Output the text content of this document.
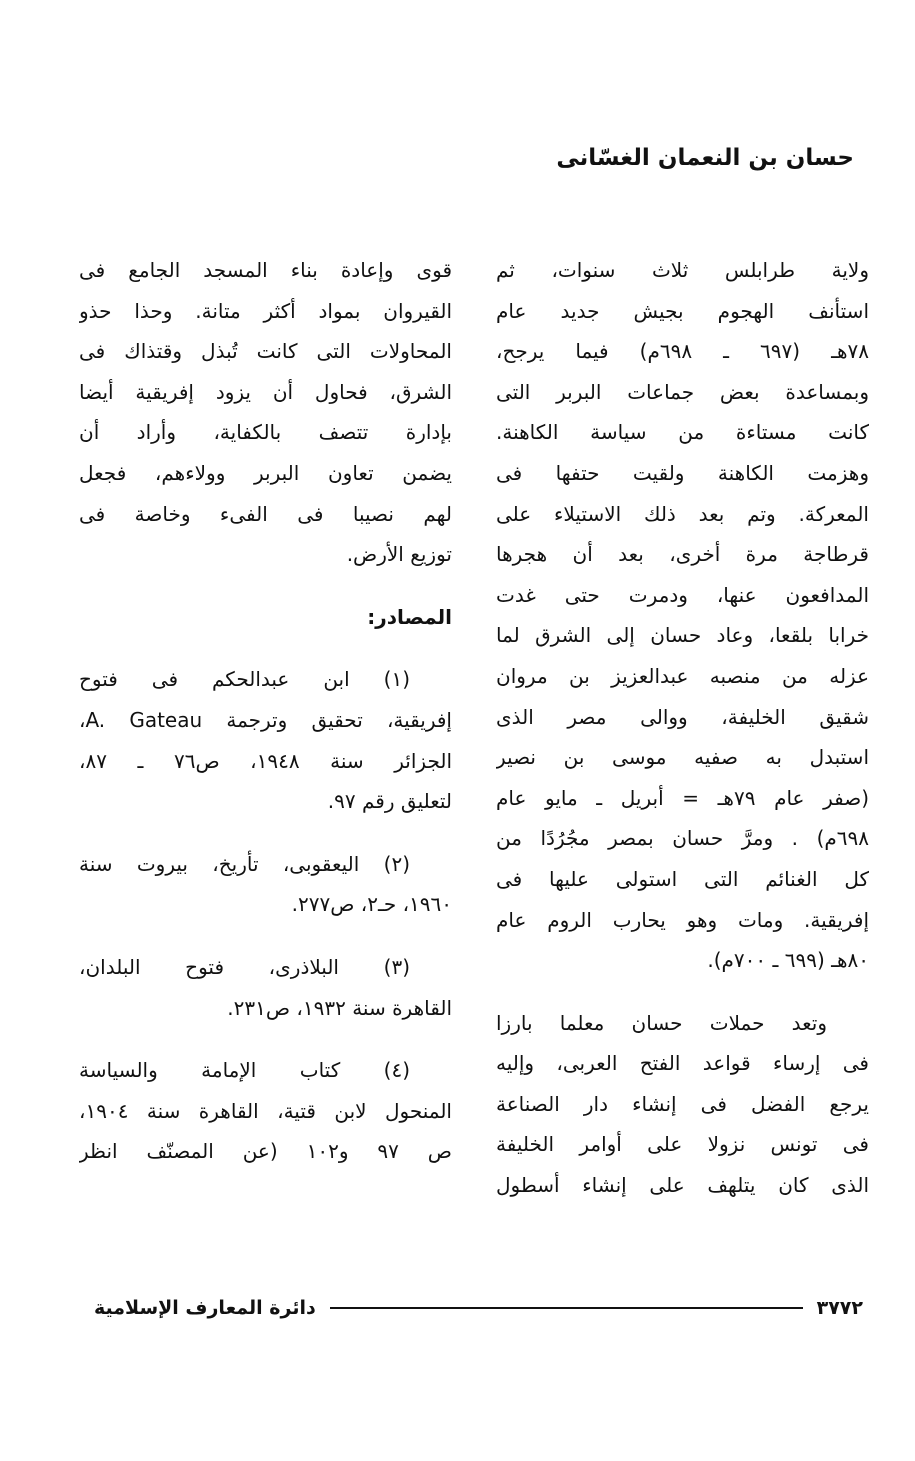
حسان بن النعمان الغسّانى
ولاية طرابلس ثلاث سنوات، ثم
استأنف الهجوم بجيش جديد عام
٧٨هـ (٦٩٧ ـ ٦٩٨م) فيما يرجح،
وبمساعدة بعض جماعات البربر التى
كانت مستاءة من سياسة الكاهنة.
وهزمت الكاهنة ولقيت حتفها فى
المعركة. وتم بعد ذلك الاستيلاء على
قرطاجة مرة أخرى، بعد أن هجرها
المدافعون عنها، ودمرت حتى غدت
خرابا بلقعا، وعاد حسان إلى الشرق لما
عزله من منصبه عبدالعزيز بن مروان
شقيق الخليفة، ووالى مصر الذى
استبدل به صفيه موسى بن نصير
(صفر عام ٧٩هـ = أبريل ـ مايو عام
٦٩٨م) . ومرَّ حسان بمصر مجُرُدًا من
كل الغنائم التى استولى عليها فى
إفريقية. ومات وهو يحارب الروم عام
٨٠هـ (٦٩٩ ـ ٧٠٠م).
وتعد حملات حسان معلما بارزا
فى إرساء قواعد الفتح العربى، وإليه
يرجع الفضل فى إنشاء دار الصناعة
فى تونس نزولا على أوامر الخليفة
الذى كان يتلهف على إنشاء أسطول
قوى وإعادة بناء المسجد الجامع فى
القيروان بمواد أكثر متانة. وحذا حذو
المحاولات التى كانت تُبذل وقتذاك فى
الشرق، فحاول أن يزود إفريقية أيضا
بإدارة تتصف بالكفاية، وأراد أن
يضمن تعاون البربر وولاءهم، فجعل
لهم نصيبا فى الفىء وخاصة فى
توزيع الأرض.
المصادر:
(١) ابن عبدالحكم فى فتوح
إفريقية، تحقيق وترجمة A. Gateau،
الجزائر سنة ١٩٤٨، ص٧٦ ـ ٨٧،
لتعليق رقم ٩٧.
(٢) اليعقوبى، تأريخ، بيروت سنة
١٩٦٠، حـ٢، ص٢٧٧.
(٣) البلاذرى، فتوح البلدان،
القاهرة سنة ١٩٣٢، ص٢٣١.
(٤) كتاب الإمامة والسياسة
المنحول لابن قتية، القاهرة سنة ١٩٠٤،
ص ٩٧ و١٠٢ (عن المصنّف انظر
٣٧٧٢
دائرة المعارف الإسلامية
